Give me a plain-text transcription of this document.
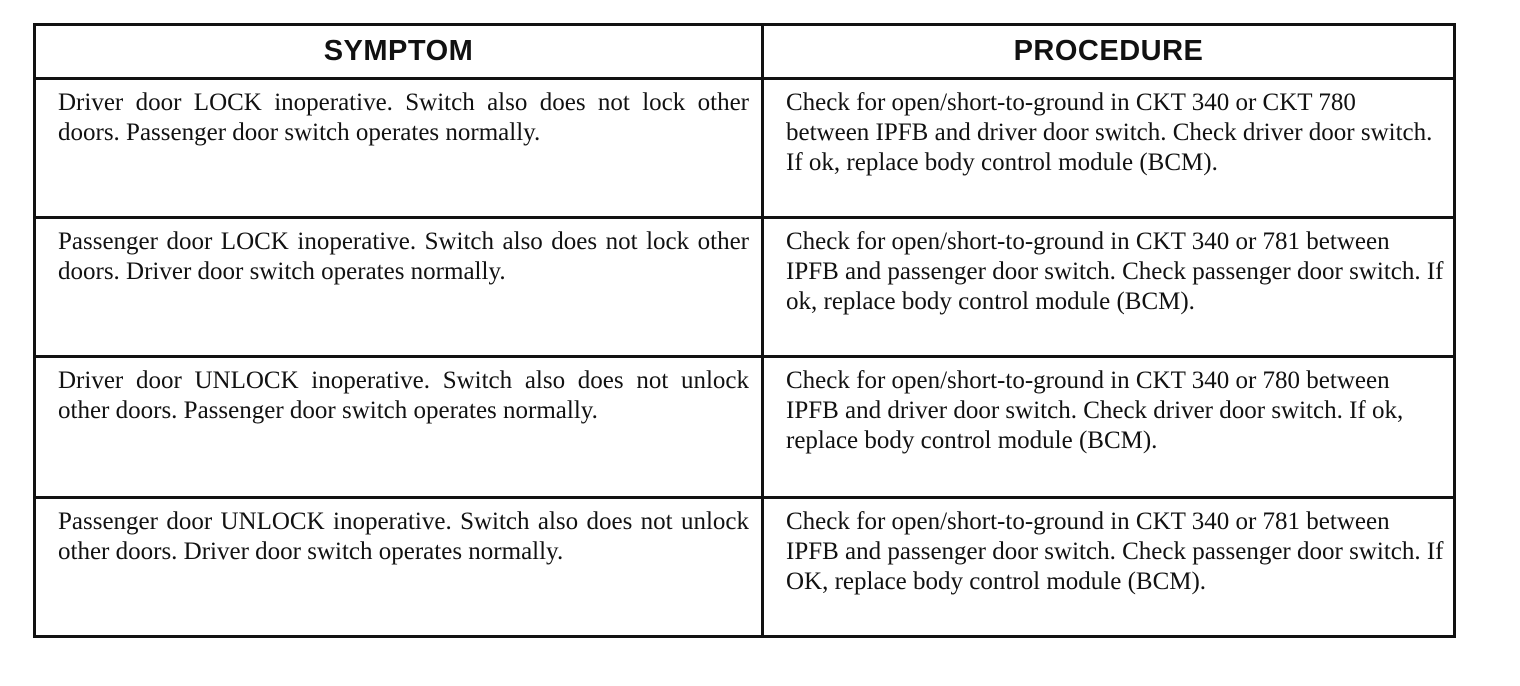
SYMPTOM	PROCEDURE
Driver door LOCK inoperative. Switch also does not lock other doors. Passenger door switch operates normally.	Check for open/short-to-ground in CKT 340 or CKT 780 between IPFB and driver door switch. Check driver door switch. If ok, replace body control module (BCM).
Passenger door LOCK inoperative. Switch also does not lock other doors. Driver door switch operates normally.	Check for open/short-to-ground in CKT 340 or 781 between IPFB and passenger door switch. Check passenger door switch. If ok, replace body control module (BCM).
Driver door UNLOCK inoperative. Switch also does not unlock other doors. Passenger door switch operates normally.	Check for open/short-to-ground in CKT 340 or 780 between IPFB and driver door switch. Check driver door switch. If ok, replace body control module (BCM).
Passenger door UNLOCK inoperative. Switch also does not unlock other doors. Driver door switch operates normally.	Check for open/short-to-ground in CKT 340 or 781 between IPFB and passenger door switch. Check passenger door switch. If OK, replace body control module (BCM).
